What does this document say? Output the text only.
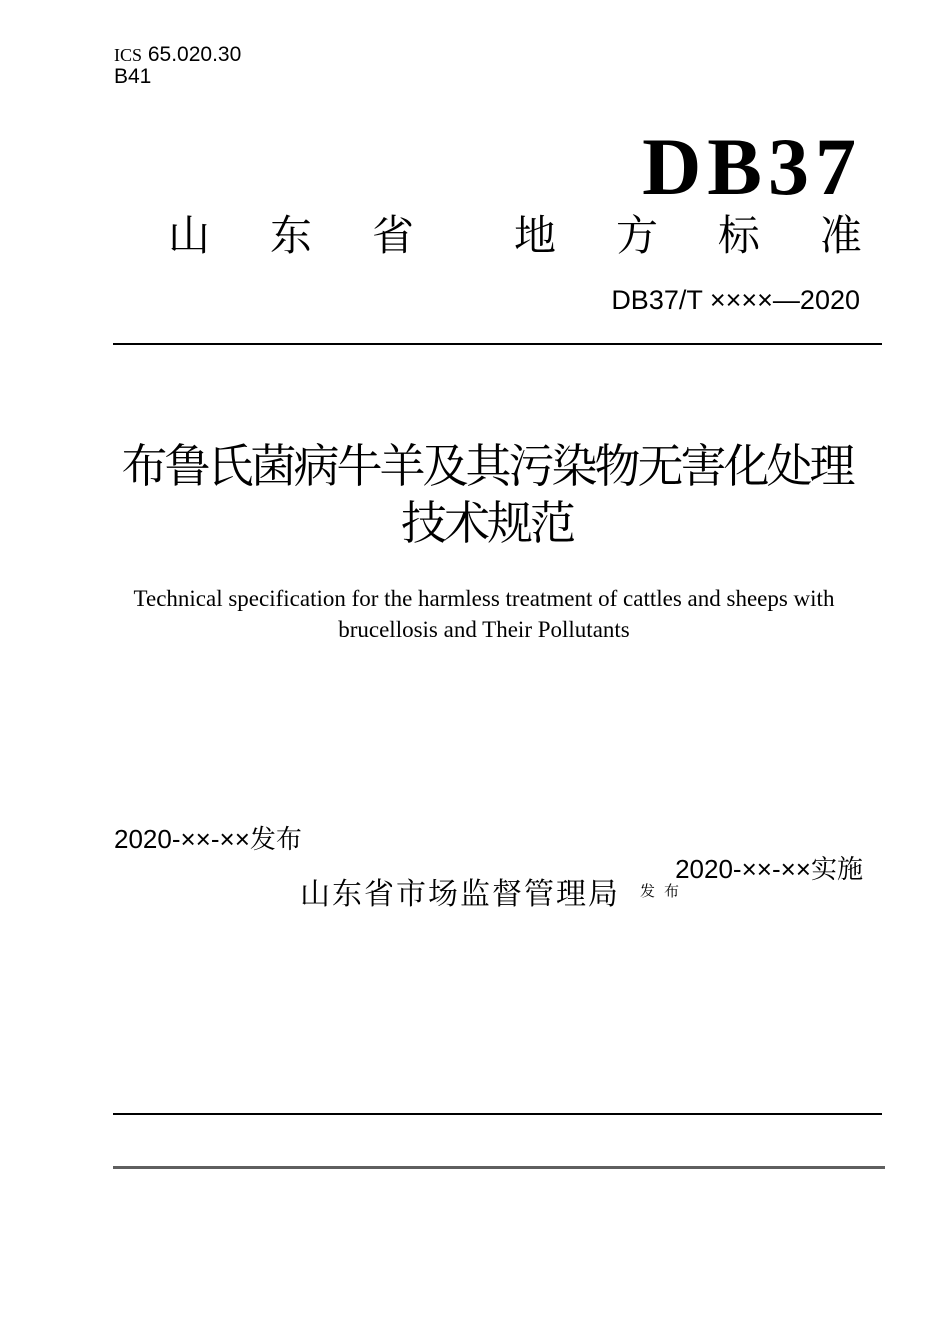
ICS 65.020.30
B41
DB37
山 东 省 地 方 标 准
DB37/T ××××—2020
布鲁氏菌病牛羊及其污染物无害化处理
技术规范
Technical specification for the harmless treatment of cattles and sheeps with
brucellosis and Their Pollutants
2020-××-××发布
2020-××-××实施
山东省市场监督管理局 发布
